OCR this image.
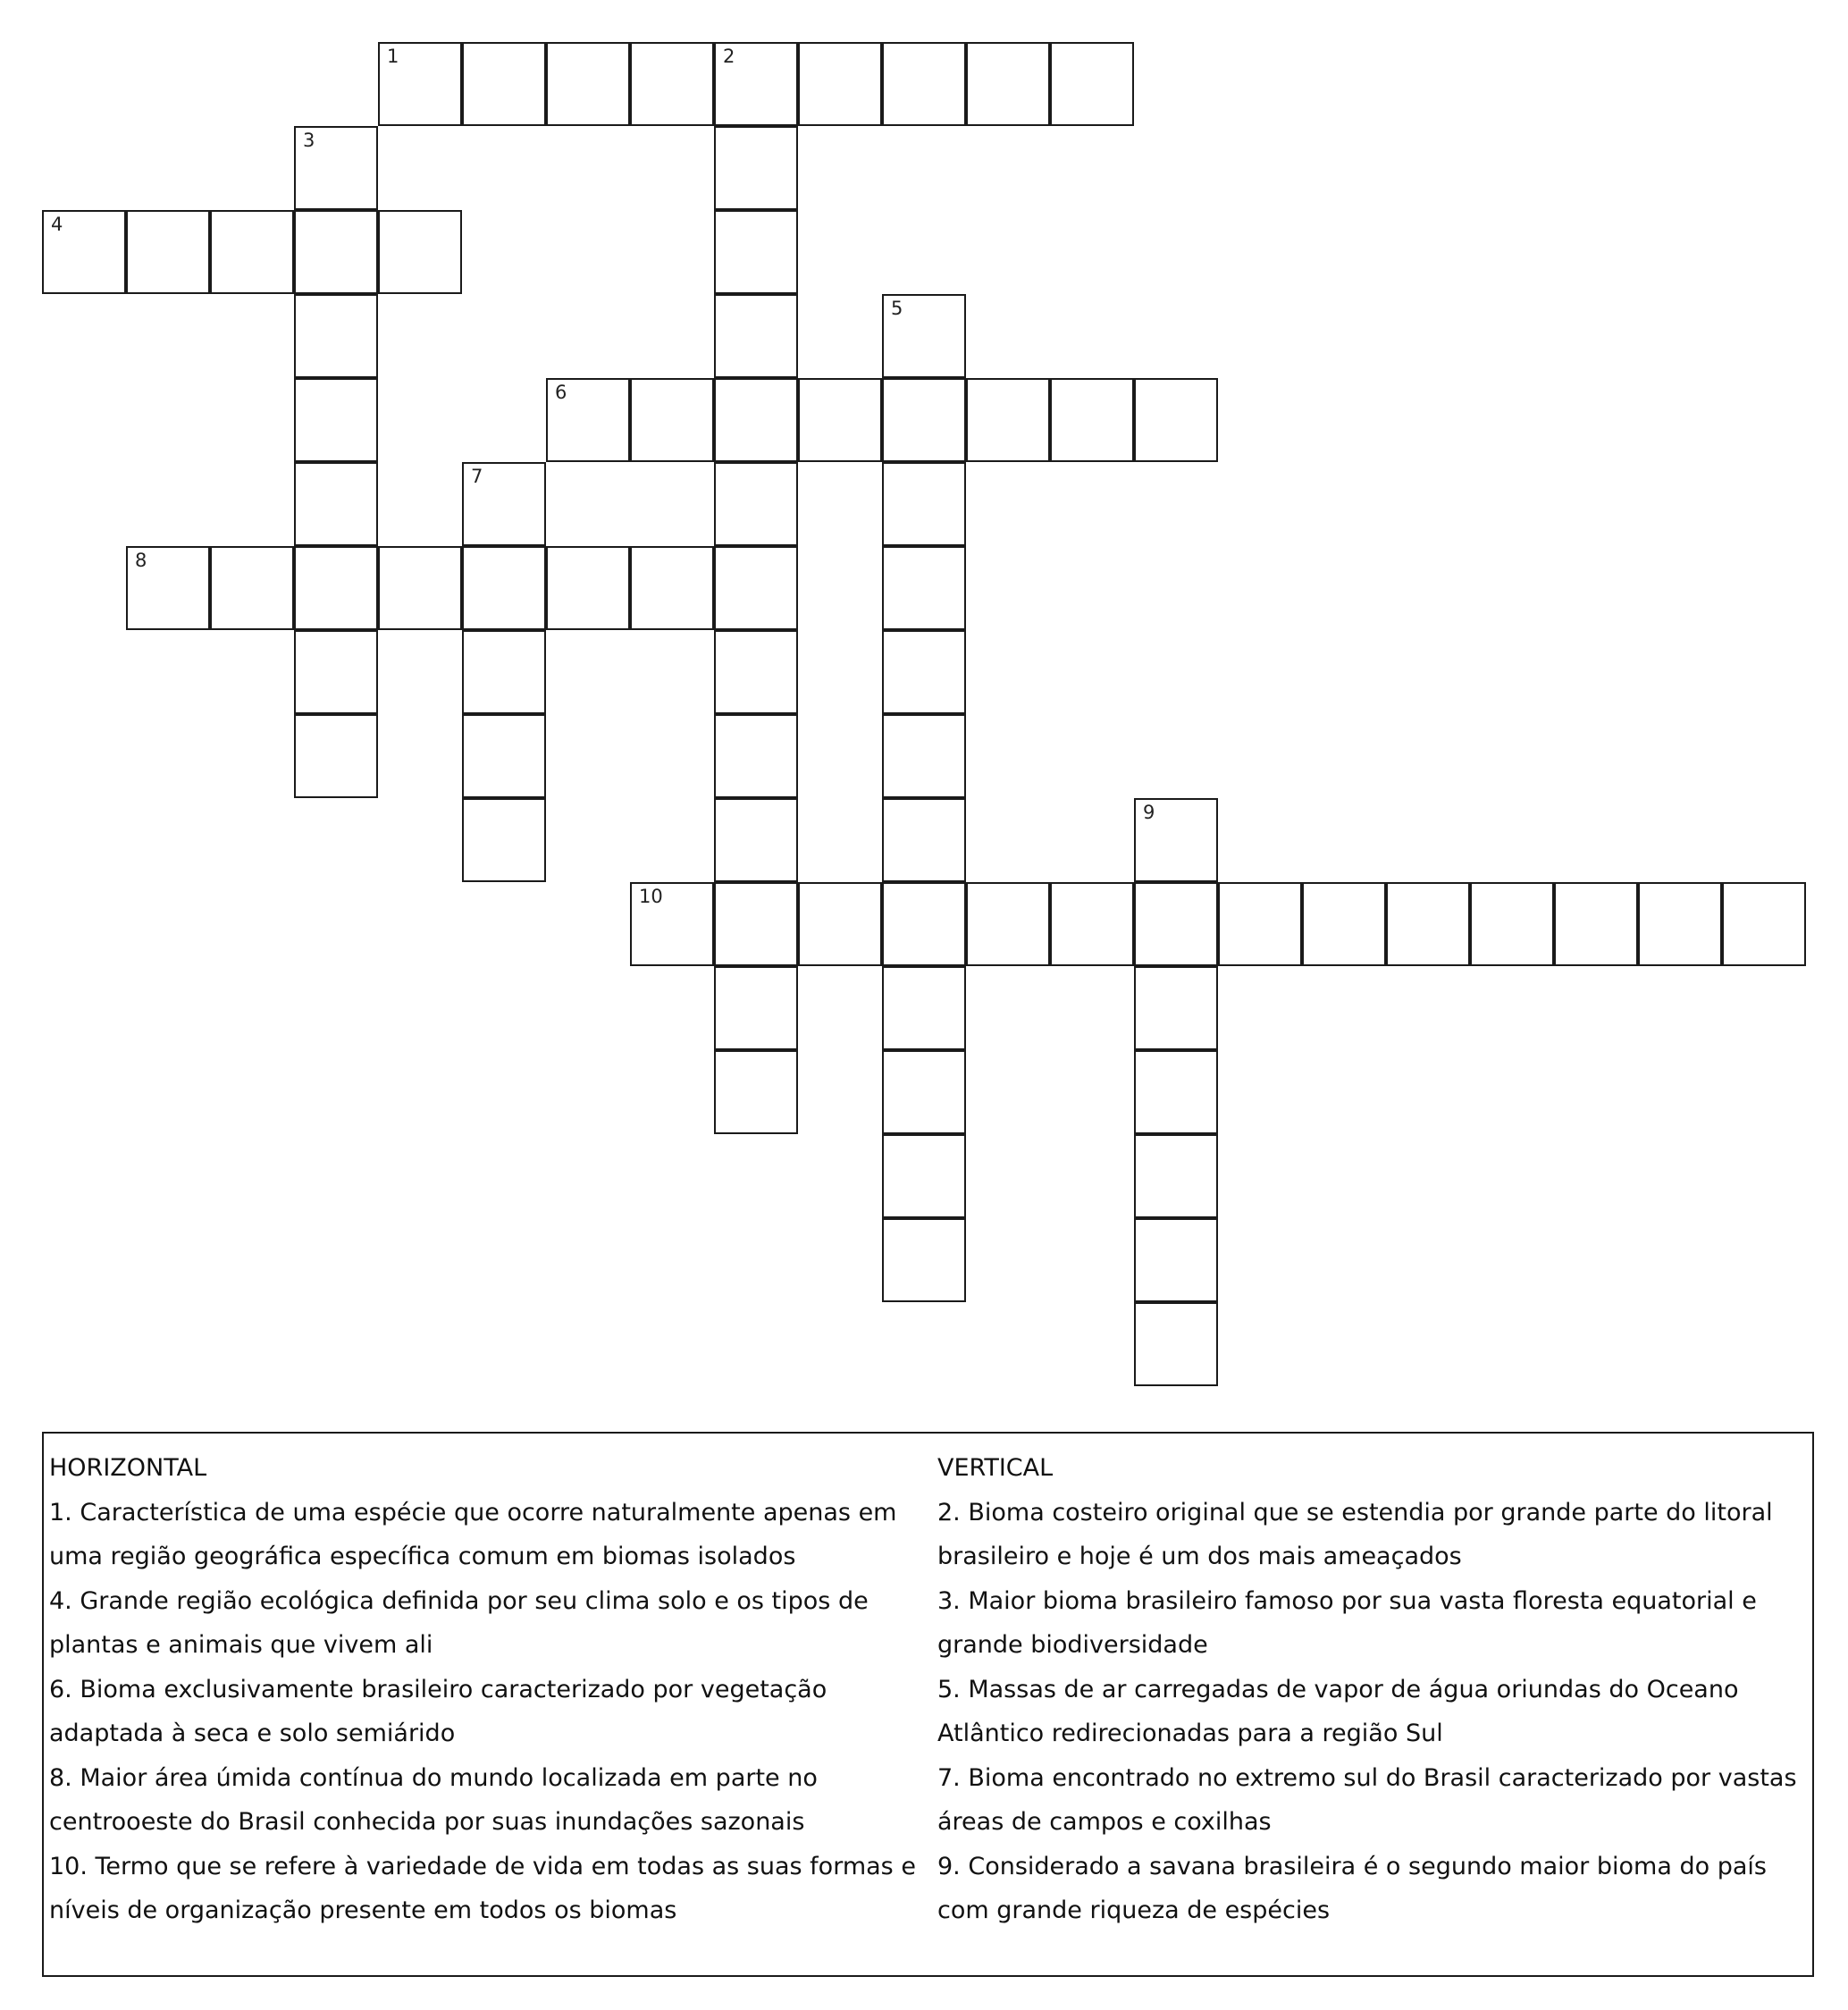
1	2
3
4
5
6
7
8
9
10
HORIZONTAL

1. Característica de uma espécie que ocorre naturalmente apenas em uma região geográfica específica comum em biomas isolados

4. Grande região ecológica definida por seu clima solo e os tipos de plantas e animais que vivem ali

6. Bioma exclusivamente brasileiro caracterizado por vegetação adaptada à seca e solo semiárido

8. Maior área úmida contínua do mundo localizada em parte no centrooeste do Brasil conhecida por suas inundações sazonais

10. Termo que se refere à variedade de vida em todas as suas formas e níveis de organização presente em todos os biomas

VERTICAL

2. Bioma costeiro original que se estendia por grande parte do litoral brasileiro e hoje é um dos mais ameaçados

3. Maior bioma brasileiro famoso por sua vasta floresta equatorial e grande biodiversidade

5. Massas de ar carregadas de vapor de água oriundas do Oceano Atlântico redirecionadas para a região Sul

7. Bioma encontrado no extremo sul do Brasil caracterizado por vastas áreas de campos e coxilhas

9. Considerado a savana brasileira é o segundo maior bioma do país com grande riqueza de espécies
